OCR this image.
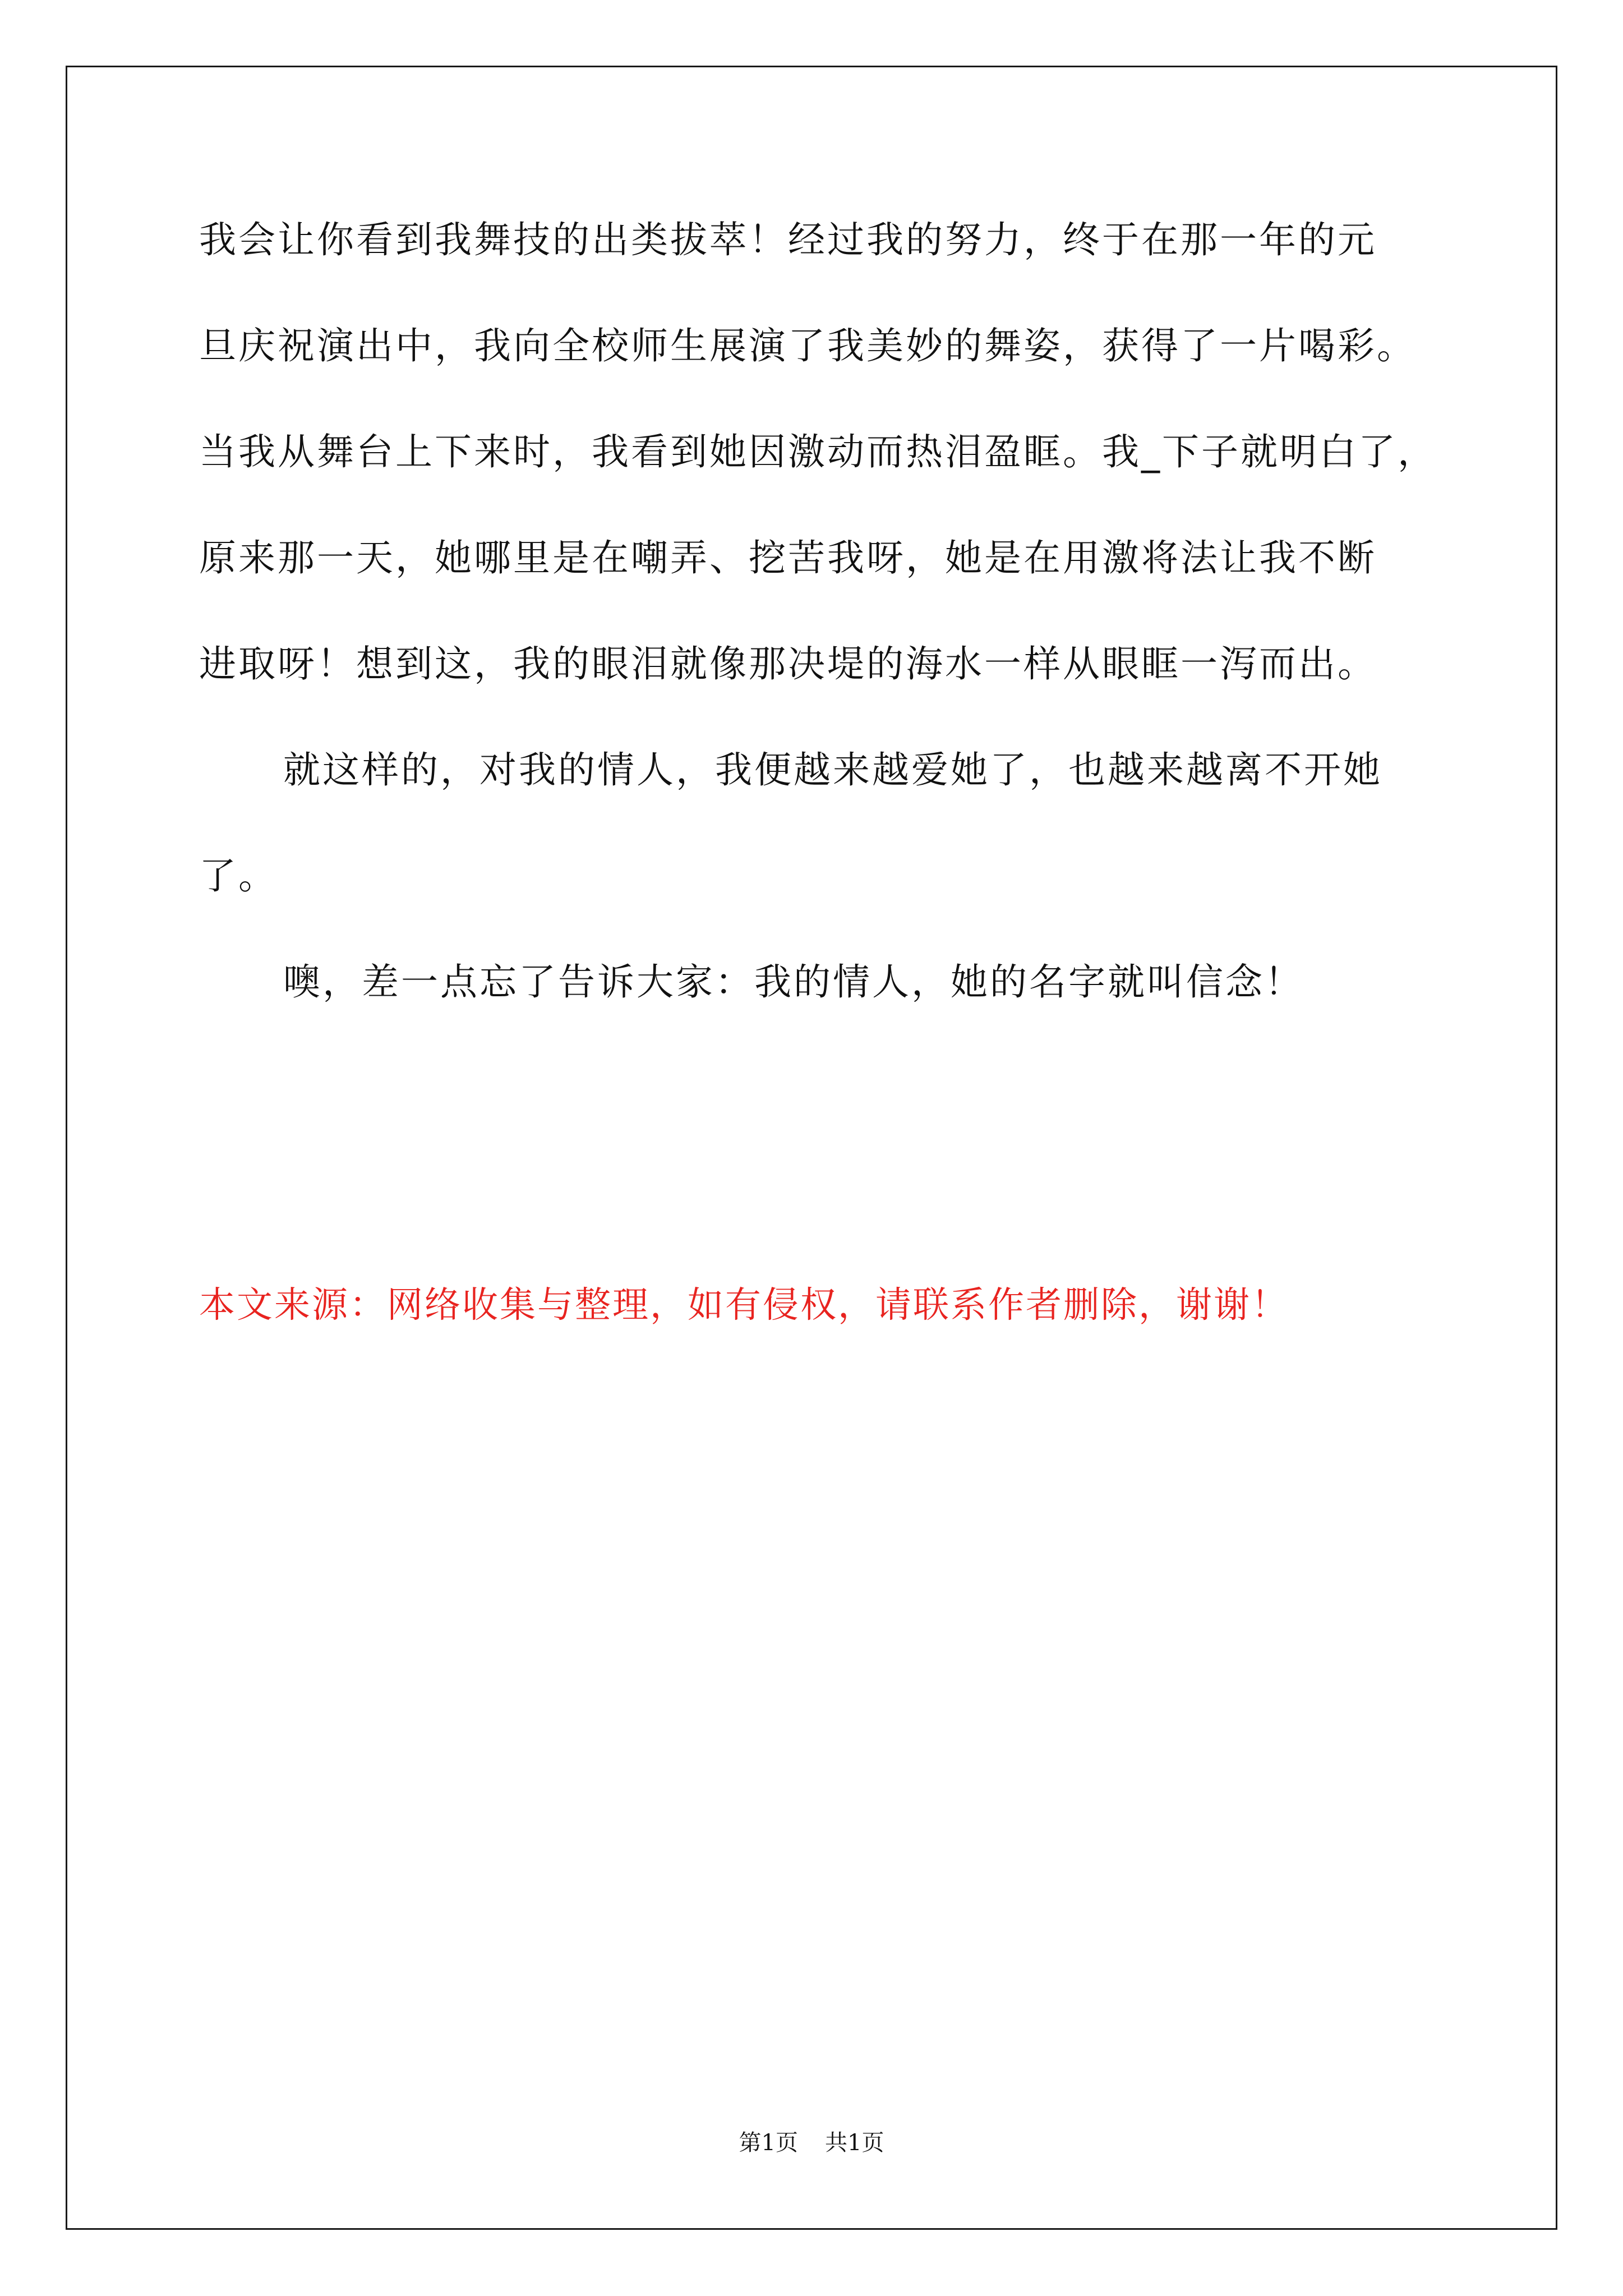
我会让你看到我舞技的出类拔萃！经过我的努力，终于在那一年的元

旦庆祝演出中，我向全校师生展演了我美妙的舞姿，获得了一片喝彩。

当我从舞台上下来时，我看到她因激动而热泪盈眶。我_下子就明白了，

原来那一天，她哪里是在嘲弄、挖苦我呀，她是在用激将法让我不断

进取呀！想到这，我的眼泪就像那决堤的海水一样从眼眶一泻而出。

就这样的，对我的情人，我便越来越爱她了，也越来越离不开她

了。

噢，差一点忘了告诉大家：我的情人，她的名字就叫信念！

本文来源：网络收集与整理，如有侵权，请联系作者删除，谢谢！
第1页 共1页
